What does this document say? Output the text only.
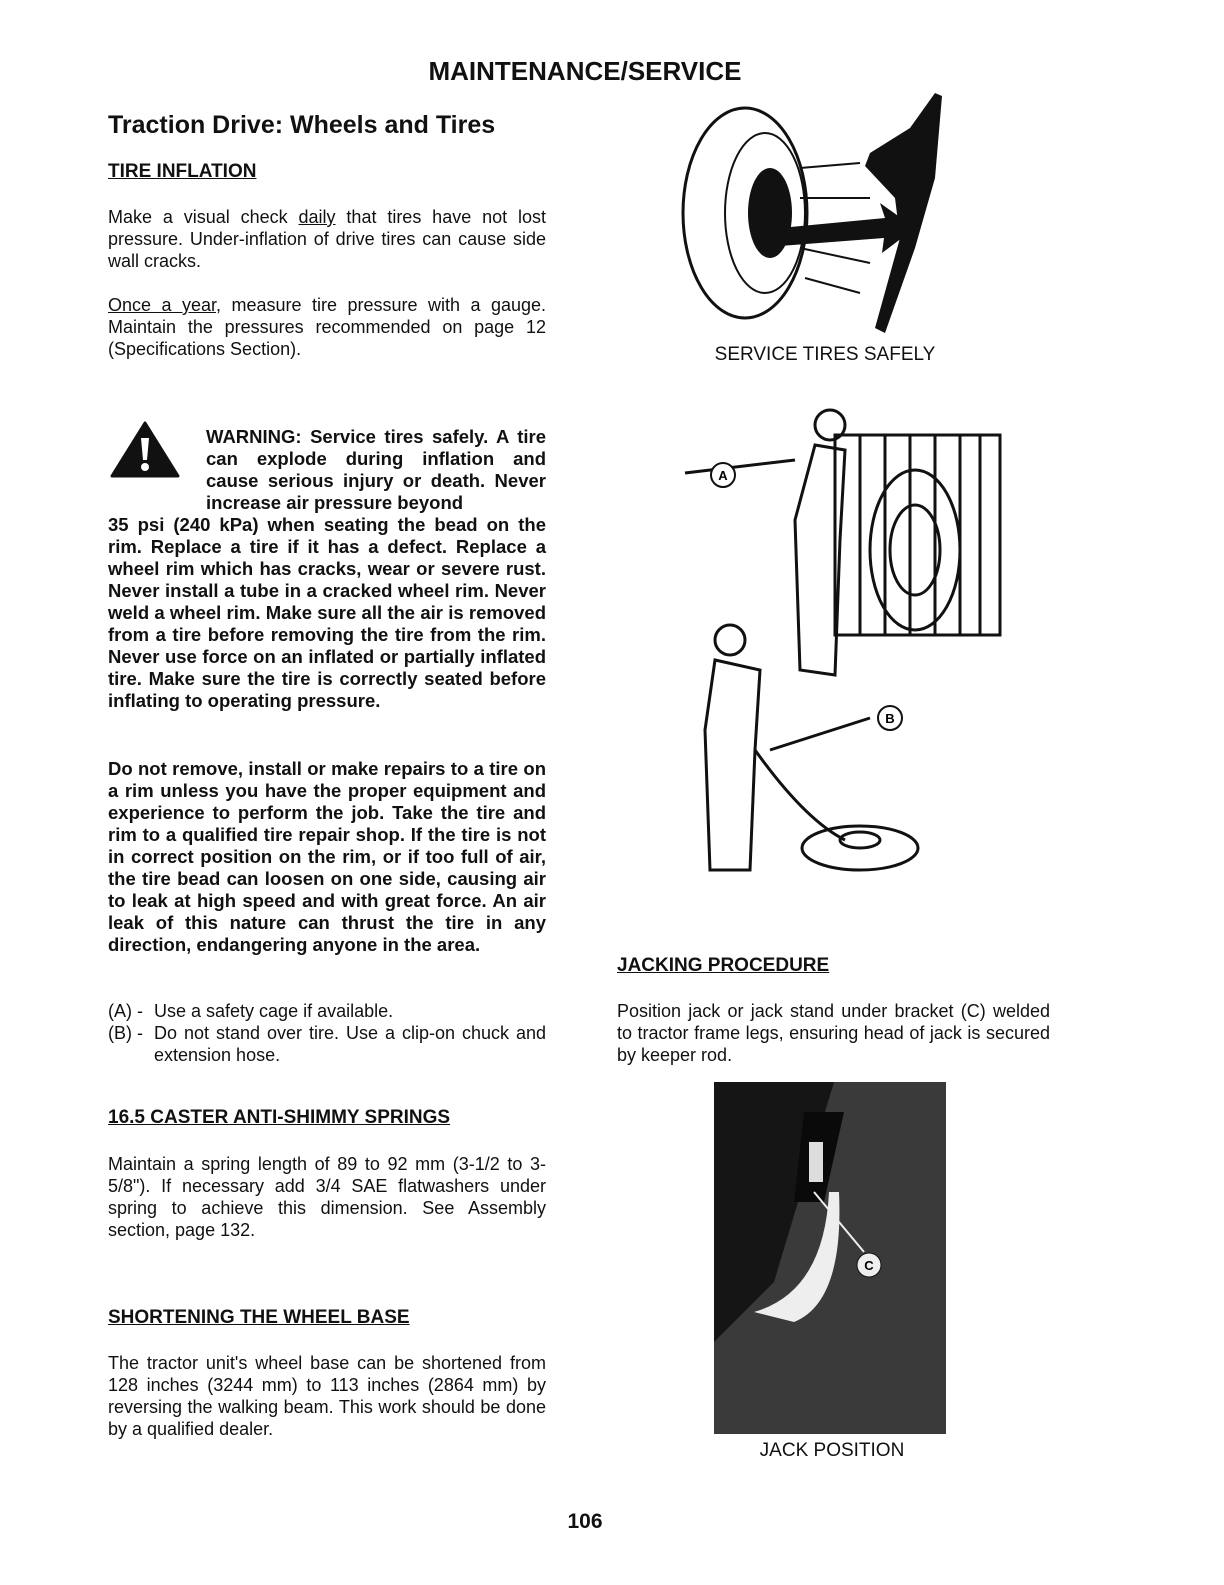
MAINTENANCE/SERVICE
Traction Drive: Wheels and Tires
TIRE INFLATION
Make a visual check daily that tires have not lost pressure. Under-inflation of drive tires can cause side wall cracks.
Once a year, measure tire pressure with a gauge. Maintain the pressures recommended on page 12 (Specifications Section).
WARNING: Service tires safely. A tire can explode during inflation and cause serious injury or death. Never increase air pressure beyond
35 psi (240 kPa) when seating the bead on the rim. Replace a tire if it has a defect. Replace a wheel rim which has cracks, wear or severe rust. Never install a tube in a cracked wheel rim. Never weld a wheel rim. Make sure all the air is removed from a tire before removing the tire from the rim. Never use force on an inflated or partially inflated tire. Make sure the tire is correctly seated before inflating to operating pressure.
Do not remove, install or make repairs to a tire on a rim unless you have the proper equipment and experience to perform the job. Take the tire and rim to a qualified tire repair shop. If the tire is not in correct position on the rim, or if too full of air, the tire bead can loosen on one side, causing air to leak at high speed and with great force. An air leak of this nature can thrust the tire in any direction, endangering anyone in the area.
(A) - Use a safety cage if available.
(B) - Do not stand over tire. Use a clip-on chuck and extension hose.
16.5 CASTER ANTI-SHIMMY SPRINGS
Maintain a spring length of 89 to 92 mm (3-1/2 to 3-5/8"). If necessary add 3/4 SAE flatwashers under spring to achieve this dimension. See Assembly section, page 132.
SHORTENING THE WHEEL BASE
The tractor unit's wheel base can be shortened from 128 inches (3244 mm) to 113 inches (2864 mm) by reversing the walking beam. This work should be done by a qualified dealer.
SERVICE TIRES SAFELY
A
B
JACKING PROCEDURE
Position jack or jack stand under bracket (C) welded to tractor frame legs, ensuring head of jack is secured by keeper rod.
C
JACK POSITION
106
